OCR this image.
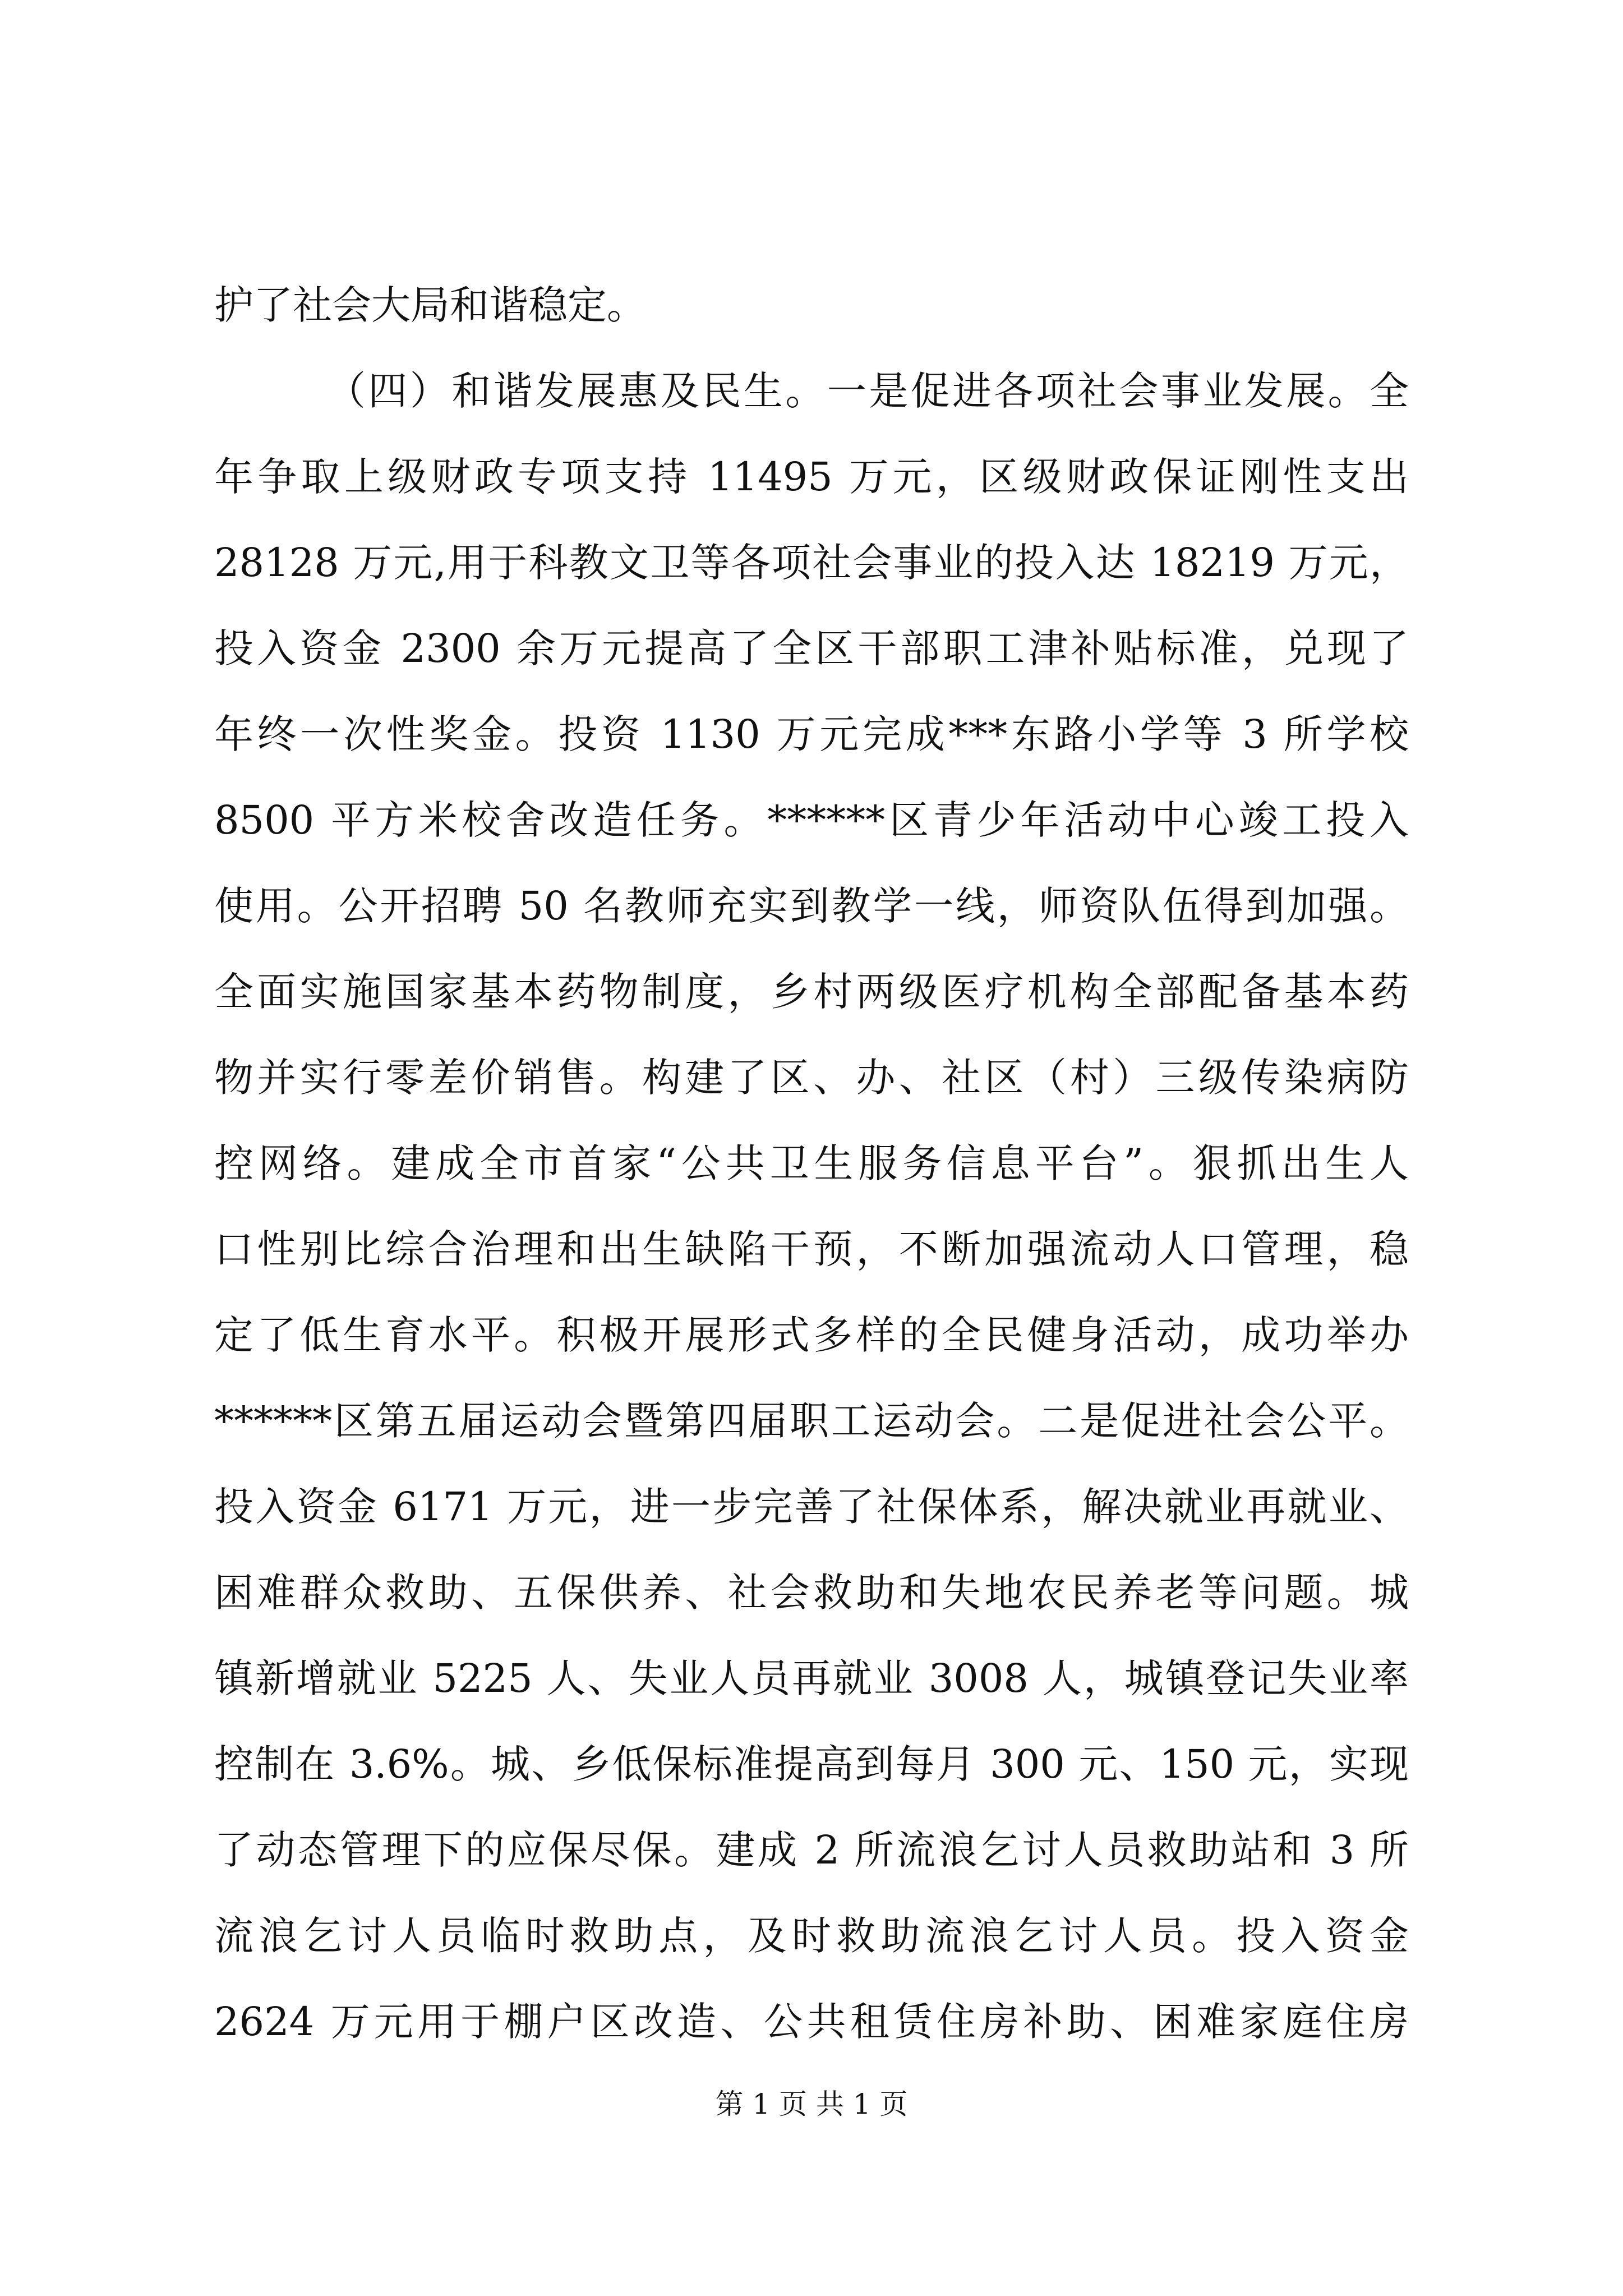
护了社会大局和谐稳定。
（四）和谐发展惠及民生。一是促进各项社会事业发展。全
年争取上级财政专项支持 11495 万元，区级财政保证刚性支出
28128 万元,用于科教文卫等各项社会事业的投入达 18219 万元，
投入资金 2300 余万元提高了全区干部职工津补贴标准，兑现了
年终一次性奖金。投资 1130 万元完成***东路小学等 3 所学校
8500 平方米校舍改造任务。******区青少年活动中心竣工投入
使用。公开招聘 50 名教师充实到教学一线，师资队伍得到加强。
全面实施国家基本药物制度，乡村两级医疗机构全部配备基本药
物并实行零差价销售。构建了区、办、社区（村）三级传染病防
控网络。建成全市首家“公共卫生服务信息平台”。狠抓出生人
口性别比综合治理和出生缺陷干预，不断加强流动人口管理，稳
定了低生育水平。积极开展形式多样的全民健身活动，成功举办
******区第五届运动会暨第四届职工运动会。二是促进社会公平。
投入资金 6171 万元，进一步完善了社保体系，解决就业再就业、
困难群众救助、五保供养、社会救助和失地农民养老等问题。城
镇新增就业 5225 人、失业人员再就业 3008 人，城镇登记失业率
控制在 3.6%。城、乡低保标准提高到每月 300 元、150 元，实现
了动态管理下的应保尽保。建成 2 所流浪乞讨人员救助站和 3 所
流浪乞讨人员临时救助点，及时救助流浪乞讨人员。投入资金
2624 万元用于棚户区改造、公共租赁住房补助、困难家庭住房
第 1 页 共 1 页
